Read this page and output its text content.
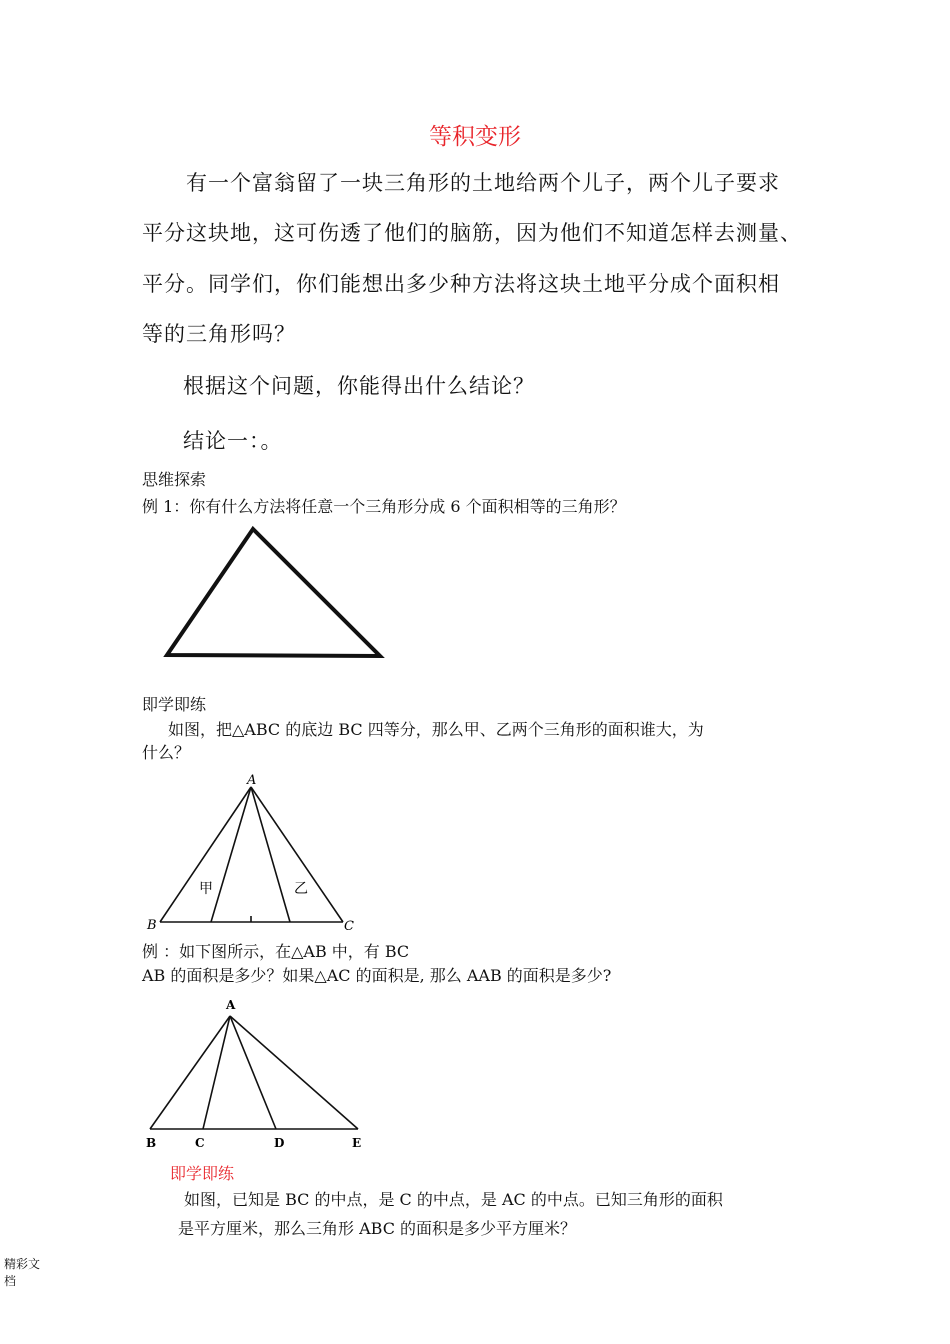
等积变形
有一个富翁留了一块三角形的土地给两个儿子，两个儿子要求
平分这块地，这可伤透了他们的脑筋，因为他们不知道怎样去测量、
平分。同学们，你们能想出多少种方法将这块土地平分成个面积相
等的三角形吗？
根据这个问题，你能得出什么结论？
结论一：。
思维探索
例 1：你有什么方法将任意一个三角形分成 6 个面积相等的三角形？
即学即练
如图，把△ABC 的底边 BC 四等分，那么甲、乙两个三角形的面积谁大，为
什么？
A
B	C
甲	乙
例 ：如下图所示，在△AB 中，有 BC
AB 的面积是多少？如果△AC 的面积是, 那么 AAB 的面积是多少?
A
B	C	D	E
即学即练
如图，已知是 BC 的中点，是 C 的中点，是 AC 的中点。已知三角形的面积
是平方厘米，那么三角形 ABC 的面积是多少平方厘米？
精彩文
档
